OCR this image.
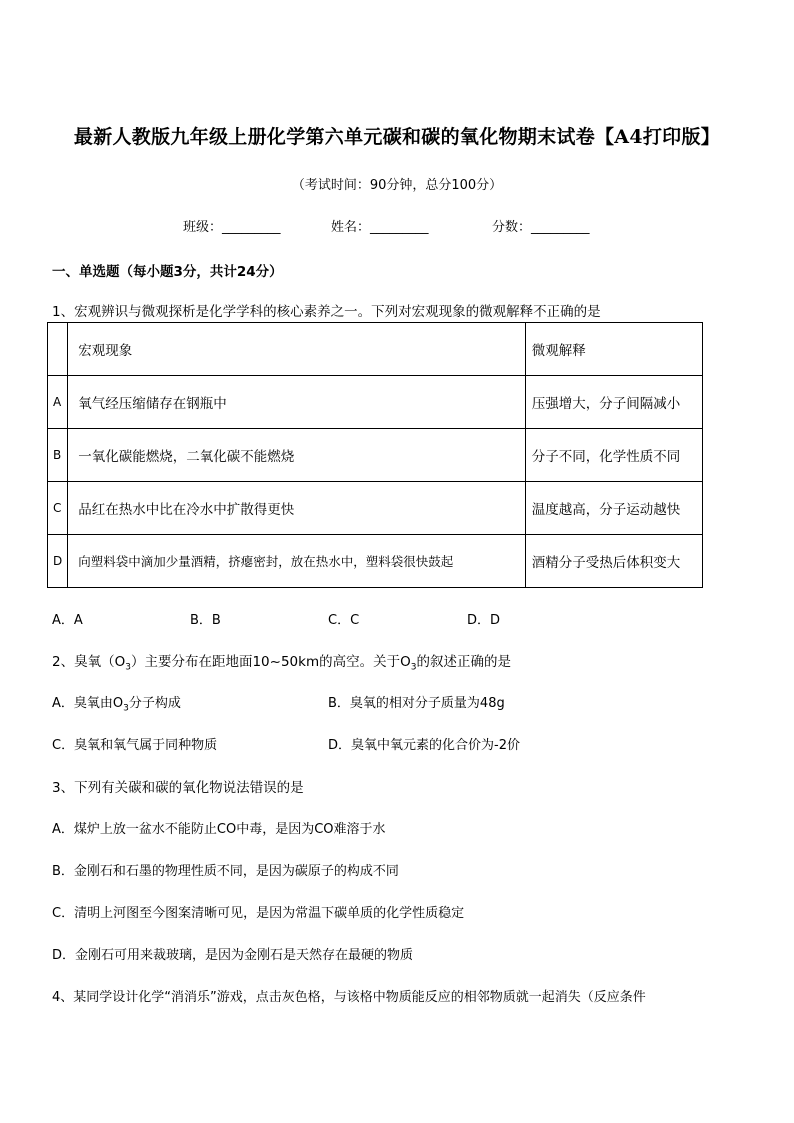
最新人教版九年级上册化学第六单元碳和碳的氧化物期末试卷【A4打印版】
（考试时间：90分钟，总分100分）
班级：_________	姓名：_________	分数：_________
一、单选题（每小题3分，共计24分）
1、宏观辨识与微观探析是化学学科的核心素养之一。下列对宏观现象的微观解释不正确的是
	宏观现象	微观解释
A	氧气经压缩储存在钢瓶中	压强增大，分子间隔减小
B	一氧化碳能燃烧，二氧化碳不能燃烧	分子不同，化学性质不同
C	品红在热水中比在冷水中扩散得更快	温度越高，分子运动越快
D	向塑料袋中滴加少量酒精，挤瘪密封，放在热水中，塑料袋很快鼓起	酒精分子受热后体积变大
A．A	B．B	C．C	D．D
2、臭氧$(O_3)$主要分布在距地面10~50km的高空。关于$O_3$的叙述正确的是
A．臭氧由$O_3$分子构成	B．臭氧的相对分子质量为48g
C．臭氧和氧气属于同种物质	D．臭氧中氧元素的化合价为-2价
3、下列有关碳和碳的氧化物说法错误的是
A．煤炉上放一盆水不能防止CO中毒，是因为CO难溶于水
B．金刚石和石墨的物理性质不同，是因为碳原子的构成不同
C．清明上河图至今图案清晰可见，是因为常温下碳单质的化学性质稳定
D．金刚石可用来裁玻璃，是因为金刚石是天然存在最硬的物质
4、某同学设计化学“消消乐”游戏，点击灰色格，与该格中物质能反应的相邻物质就一起消失（反应条件
